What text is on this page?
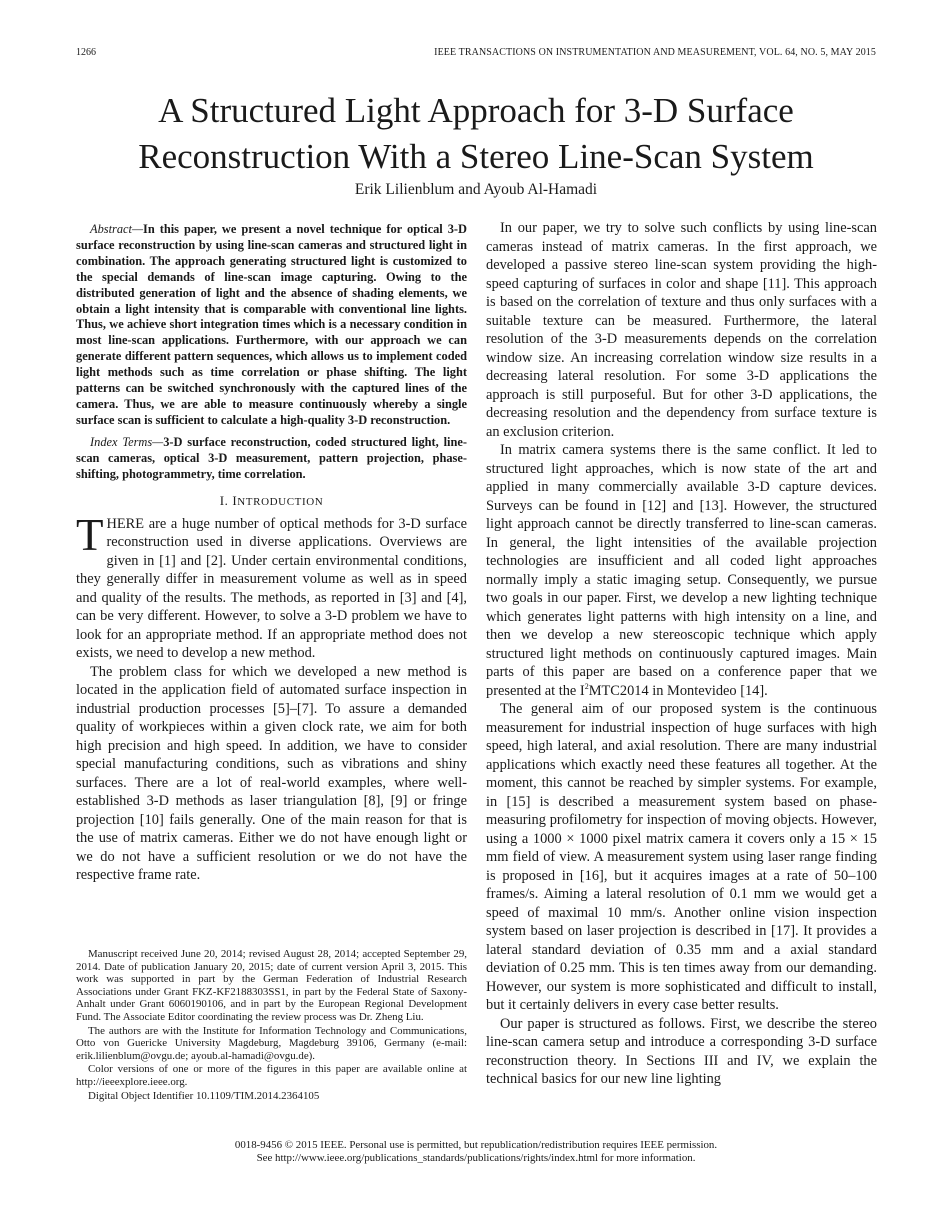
1266	IEEE TRANSACTIONS ON INSTRUMENTATION AND MEASUREMENT, VOL. 64, NO. 5, MAY 2015
A Structured Light Approach for 3-D Surface
Reconstruction With a Stereo Line-Scan System
Erik Lilienblum and Ayoub Al-Hamadi

Abstract—In this paper, we present a novel technique for optical 3-D surface reconstruction by using line-scan cameras and structured light in combination. The approach generating structured light is customized to the special demands of line-scan image capturing. Owing to the distributed generation of light and the absence of shading elements, we obtain a light intensity that is comparable with conventional line lights. Thus, we achieve short integration times which is a necessary condition in most line-scan applications. Furthermore, with our approach we can generate different pattern sequences, which allows us to implement coded light methods such as time correlation or phase shifting. The light patterns can be switched synchronously with the captured lines of the camera. Thus, we are able to measure continuously whereby a single surface scan is sufficient to calculate a high-quality 3-D reconstruction.

Index Terms—3-D surface reconstruction, coded structured light, line-scan cameras, optical 3-D measurement, pattern projection, phase-shifting, photogrammetry, time correlation.

I. INTRODUCTION

THERE are a huge number of optical methods for 3-D surface reconstruction used in diverse applications. Overviews are given in [1] and [2]. Under certain environmental conditions, they generally differ in measurement volume as well as in speed and quality of the results. The methods, as reported in [3] and [4], can be very different. However, to solve a 3-D problem we have to look for an appropriate method. If an appropriate method does not exists, we need to develop a new method.

The problem class for which we developed a new method is located in the application field of automated surface inspection in industrial production processes [5]–[7]. To assure a demanded quality of workpieces within a given clock rate, we aim for both high precision and high speed. In addition, we have to consider special manufacturing conditions, such as vibrations and shiny surfaces. There are a lot of real-world examples, where well-established 3-D methods as laser triangulation [8], [9] or fringe projection [10] fails generally. One of the main reason for that is the use of matrix cameras. Either we do not have enough light or we do not have a sufficient resolution or we do not have the respective frame rate.

Manuscript received June 20, 2014; revised August 28, 2014; accepted September 29, 2014. Date of publication January 20, 2015; date of current version April 3, 2015. This work was supported in part by the German Federation of Industrial Research Associations under Grant FKZ-KF2188303SS1, in part by the Federal State of Saxony-Anhalt under Grant 6060190106, and in part by the European Regional Development Fund. The Associate Editor coordinating the review process was Dr. Zheng Liu.

The authors are with the Institute for Information Technology and Communications, Otto von Guericke University Magdeburg, Magdeburg 39106, Germany (e-mail: erik.lilienblum@ovgu.de; ayoub.al-hamadi@ovgu.de).

Color versions of one or more of the figures in this paper are available online at http://ieeexplore.ieee.org.

Digital Object Identifier 10.1109/TIM.2014.2364105

In our paper, we try to solve such conflicts by using line-scan cameras instead of matrix cameras. In the first approach, we developed a passive stereo line-scan system providing the high-speed capturing of surfaces in color and shape [11]. This approach is based on the correlation of texture and thus only surfaces with a suitable texture can be measured. Furthermore, the lateral resolution of the 3-D measurements depends on the correlation window size. An increasing correlation window size results in a decreasing lateral resolution. For some 3-D applications the approach is still purposeful. But for other 3-D applications, the decreasing resolution and the dependency from surface texture is an exclusion criterion.

In matrix camera systems there is the same conflict. It led to structured light approaches, which is now state of the art and applied in many commercially available 3-D capture devices. Surveys can be found in [12] and [13]. However, the structured light approach cannot be directly transferred to line-scan cameras. In general, the light intensities of the available projection technologies are insufficient and all coded light approaches normally imply a static imaging setup. Consequently, we pursue two goals in our paper. First, we develop a new lighting technique which generates light patterns with high intensity on a line, and then we develop a new stereoscopic technique which apply structured light methods on continuously captured images. Main parts of this paper are based on a conference paper that we presented at the $I^2MTC2014$ in Montevideo [14].

The general aim of our proposed system is the continuous measurement for industrial inspection of huge surfaces with high speed, high lateral, and axial resolution. There are many industrial applications which exactly need these features all together. At the moment, this cannot be reached by simpler systems. For example, in [15] is described a measurement system based on phase-measuring profilometry for inspection of moving objects. However, using a 1000 × 1000 pixel matrix camera it covers only a 15 × 15 mm field of view. A measurement system using laser range finding is proposed in [16], but it acquires images at a rate of 50–100 frames/s. Aiming a lateral resolution of 0.1 mm we would get a speed of maximal 10 mm/s. Another online vision inspection system based on laser projection is described in [17]. It provides a lateral standard deviation of 0.35 mm and a axial standard deviation of 0.25 mm. This is ten times away from our demanding. However, our system is more sophisticated and difficult to install, but it certainly delivers in every case better results.

Our paper is structured as follows. First, we describe the stereo line-scan camera setup and introduce a corresponding 3-D surface reconstruction theory. In Sections III and IV, we explain the technical basics for our new line lighting

0018-9456 © 2015 IEEE. Personal use is permitted, but republication/redistribution requires IEEE permission.
See http://www.ieee.org/publications_standards/publications/rights/index.html for more information.
